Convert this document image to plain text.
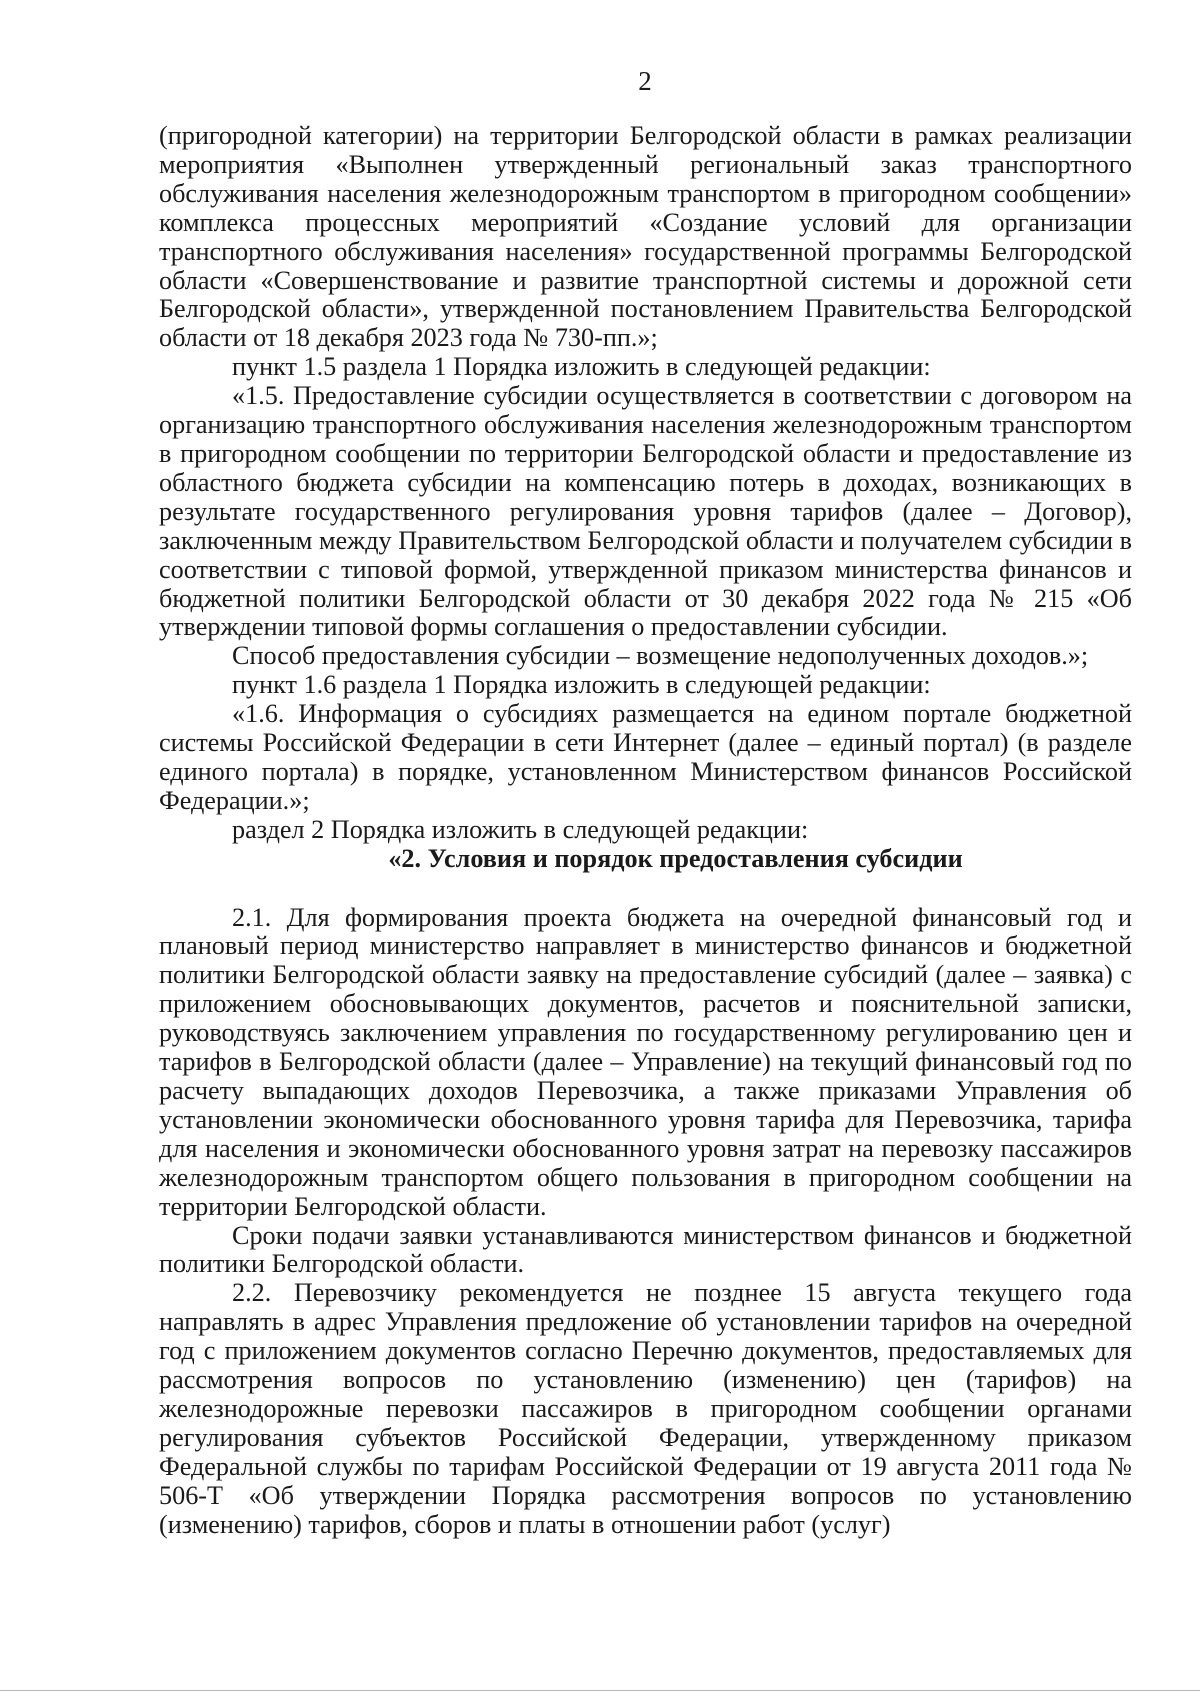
2

(пригородной категории) на территории Белгородской области в рамках реализации мероприятия «Выполнен утвержденный региональный заказ транспортного обслуживания населения железнодорожным транспортом в пригородном сообщении» комплекса процессных мероприятий «Создание условий для организации транспортного обслуживания населения» государственной программы Белгородской области «Совершенствование и развитие транспортной системы и дорожной сети Белгородской области», утвержденной постановлением Правительства Белгородской области от 18 декабря 2023 года № 730-пп.»;

пункт 1.5 раздела 1 Порядка изложить в следующей редакции:

«1.5. Предоставление субсидии осуществляется в соответствии с договором на организацию транспортного обслуживания населения железнодорожным транспортом в пригородном сообщении по территории Белгородской области и предоставление из областного бюджета субсидии на компенсацию потерь в доходах, возникающих в результате государственного регулирования уровня тарифов (далее – Договор), заключенным между Правительством Белгородской области и получателем субсидии в соответствии с типовой формой, утвержденной приказом министерства финансов и бюджетной политики Белгородской области от 30 декабря 2022 года № 215 «Об утверждении типовой формы соглашения о предоставлении субсидии.

Способ предоставления субсидии – возмещение недополученных доходов.»;

пункт 1.6 раздела 1 Порядка изложить в следующей редакции:

«1.6. Информация о субсидиях размещается на едином портале бюджетной системы Российской Федерации в сети Интернет (далее – единый портал) (в разделе единого портала) в порядке, установленном Министерством финансов Российской Федерации.»;

раздел 2 Порядка изложить в следующей редакции:

«2. Условия и порядок предоставления субсидии

2.1. Для формирования проекта бюджета на очередной финансовый год и плановый период министерство направляет в министерство финансов и бюджетной политики Белгородской области заявку на предоставление субсидий (далее – заявка) с приложением обосновывающих документов, расчетов и пояснительной записки, руководствуясь заключением управления по государственному регулированию цен и тарифов в Белгородской области (далее – Управление) на текущий финансовый год по расчету выпадающих доходов Перевозчика, а также приказами Управления об установлении экономически обоснованного уровня тарифа для Перевозчика, тарифа для населения и экономически обоснованного уровня затрат на перевозку пассажиров железнодорожным транспортом общего пользования в пригородном сообщении на территории Белгородской области.

Сроки подачи заявки устанавливаются министерством финансов и бюджетной политики Белгородской области.

2.2. Перевозчику рекомендуется не позднее 15 августа текущего года направлять в адрес Управления предложение об установлении тарифов на очередной год с приложением документов согласно Перечню документов, предоставляемых для рассмотрения вопросов по установлению (изменению) цен (тарифов) на железнодорожные перевозки пассажиров в пригородном сообщении органами регулирования субъектов Российской Федерации, утвержденному приказом Федеральной службы по тарифам Российской Федерации от 19 августа 2011 года № 506-Т «Об утверждении Порядка рассмотрения вопросов по установлению (изменению) тарифов, сборов и платы в отношении работ (услуг)
